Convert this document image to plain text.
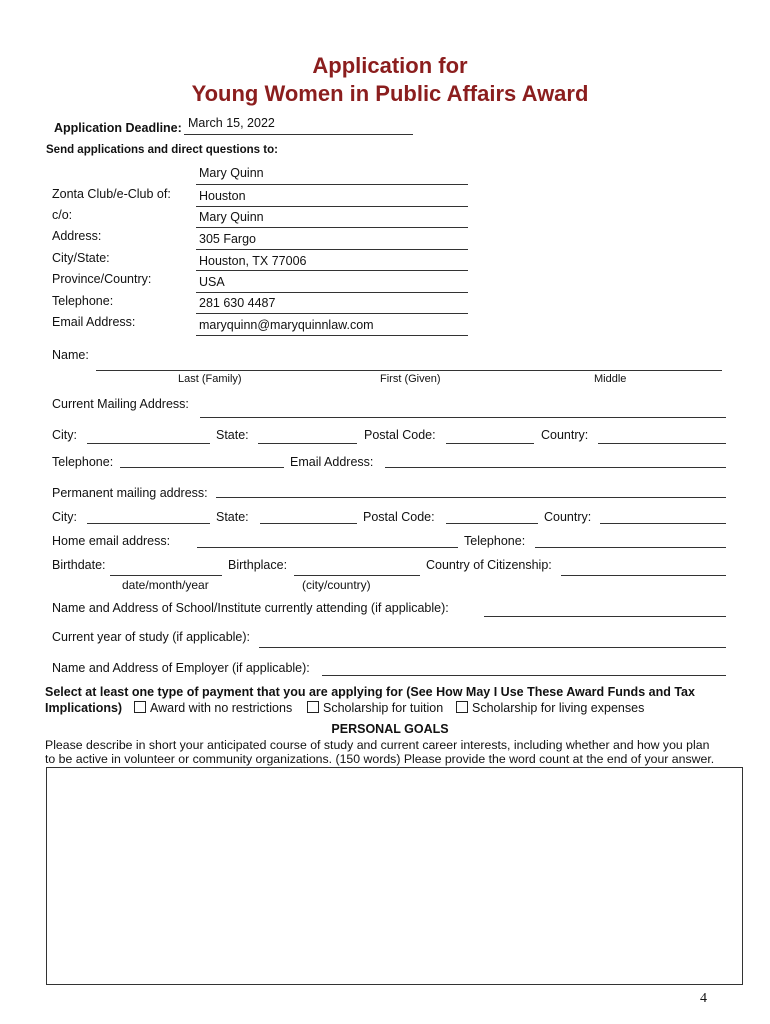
Application for
Young Women in Public Affairs Award
Application Deadline: March 15, 2022
Send applications and direct questions to:
Mary Quinn
Zonta Club/e-Club of: Houston
c/o:	Mary Quinn
Address:	305 Fargo
City/State:	Houston, TX 77006
Province/Country:	USA
Telephone:	281 630 4487
Email Address:	maryquinn@maryquinnlaw.com
Name:
Last (Family)	First (Given)	Middle
Current Mailing Address:
City:	State:	Postal Code:	Country:
Telephone:	Email Address:
Permanent mailing address:
City:	State:	Postal Code:	Country:
Home email address:	Telephone:
Birthdate:
date/month/year
Birthplace:
(city/country)
Country of Citizenship:
Name and Address of School/Institute currently attending (if applicable):
Current year of study (if applicable):
Name and Address of Employer (if applicable):
Select at least one type of payment that you are applying for (See How May I Use These Award Funds and Tax
Implications)	Award with no restrictions	Scholarship for tuition	Scholarship for living expenses
PERSONAL GOALS
Please describe in short your anticipated course of study and current career interests, including whether and how you plan
to be active in volunteer or community organizations. (150 words) Please provide the word count at the end of your answer.
4
